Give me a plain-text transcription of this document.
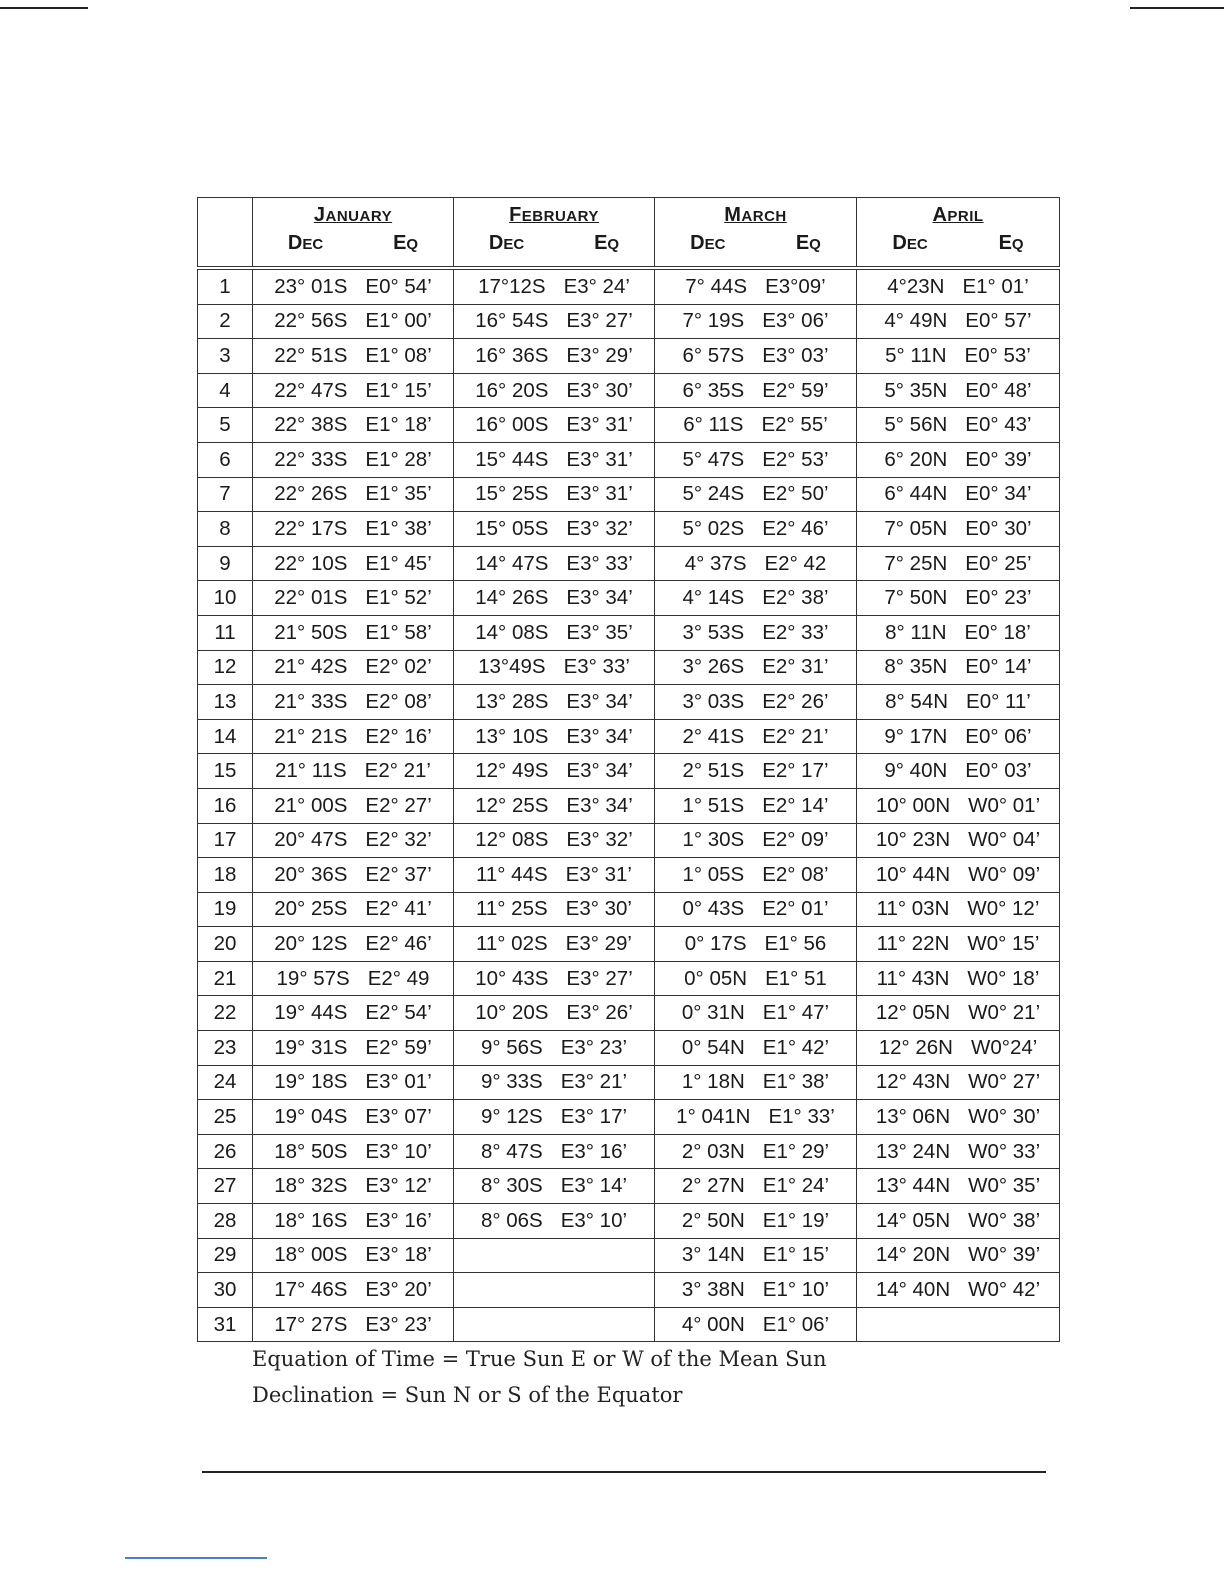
	JANUARY
DEC EQ	FEBRUARY
DEC EQ	MARCH
DEC EQ	APRIL
DEC EQ

1	23° 01S E0° 54’	17°12S E3° 24’	7° 44S E3°09’	4°23N E1° 01’

2	22° 56S E1° 00’	16° 54S E3° 27’	7° 19S E3° 06’	4° 49N E0° 57’

3	22° 51S E1° 08’	16° 36S E3° 29’	6° 57S E3° 03’	5° 11N E0° 53’

4	22° 47S E1° 15’	16° 20S E3° 30’	6° 35S E2° 59’	5° 35N E0° 48’

5	22° 38S E1° 18’	16° 00S E3° 31’	6° 11S E2° 55’	5° 56N E0° 43’

6	22° 33S E1° 28’	15° 44S E3° 31’	5° 47S E2° 53’	6° 20N E0° 39’

7	22° 26S E1° 35’	15° 25S E3° 31’	5° 24S E2° 50’	6° 44N E0° 34’

8	22° 17S E1° 38’	15° 05S E3° 32’	5° 02S E2° 46’	7° 05N E0° 30’

9	22° 10S E1° 45’	14° 47S E3° 33’	4° 37S E2° 42	7° 25N E0° 25’

10	22° 01S E1° 52’	14° 26S E3° 34’	4° 14S E2° 38’	7° 50N E0° 23’

11	21° 50S E1° 58’	14° 08S E3° 35’	3° 53S E2° 33’	8° 11N E0° 18’

12	21° 42S E2° 02’	13°49S E3° 33’	3° 26S E2° 31’	8° 35N E0° 14’

13	21° 33S E2° 08’	13° 28S E3° 34’	3° 03S E2° 26’	8° 54N E0° 11’

14	21° 21S E2° 16’	13° 10S E3° 34’	2° 41S E2° 21’	9° 17N E0° 06’

15	21° 11S E2° 21’	12° 49S E3° 34’	2° 51S E2° 17’	9° 40N E0° 03’

16	21° 00S E2° 27’	12° 25S E3° 34’	1° 51S E2° 14’	10° 00N W0° 01’

17	20° 47S E2° 32’	12° 08S E3° 32’	1° 30S E2° 09’	10° 23N W0° 04’

18	20° 36S E2° 37’	11° 44S E3° 31’	1° 05S E2° 08’	10° 44N W0° 09’

19	20° 25S E2° 41’	11° 25S E3° 30’	0° 43S E2° 01’	11° 03N W0° 12’

20	20° 12S E2° 46’	11° 02S E3° 29’	0° 17S E1° 56	11° 22N W0° 15’

21	19° 57S E2° 49	10° 43S E3° 27’	0° 05N E1° 51	11° 43N W0° 18’

22	19° 44S E2° 54’	10° 20S E3° 26’	0° 31N E1° 47’	12° 05N W0° 21’

23	19° 31S E2° 59’	9° 56S E3° 23’	0° 54N E1° 42’	12° 26N W0°24’

24	19° 18S E3° 01’	9° 33S E3° 21’	1° 18N E1° 38’	12° 43N W0° 27’

25	19° 04S E3° 07’	9° 12S E3° 17’	1° 041N E1° 33’	13° 06N W0° 30’

26	18° 50S E3° 10’	8° 47S E3° 16’	2° 03N E1° 29’	13° 24N W0° 33’

27	18° 32S E3° 12’	8° 30S E3° 14’	2° 27N E1° 24’	13° 44N W0° 35’

28	18° 16S E3° 16’	8° 06S E3° 10’	2° 50N E1° 19’	14° 05N W0° 38’

29	18° 00S E3° 18’		3° 14N E1° 15’	14° 20N W0° 39’

30	17° 46S E3° 20’		3° 38N E1° 10’	14° 40N W0° 42’

31	17° 27S E3° 23’		4° 00N E1° 06’	

Equation of Time = True Sun E or W of the Mean Sun
Declination = Sun N or S of the Equator
